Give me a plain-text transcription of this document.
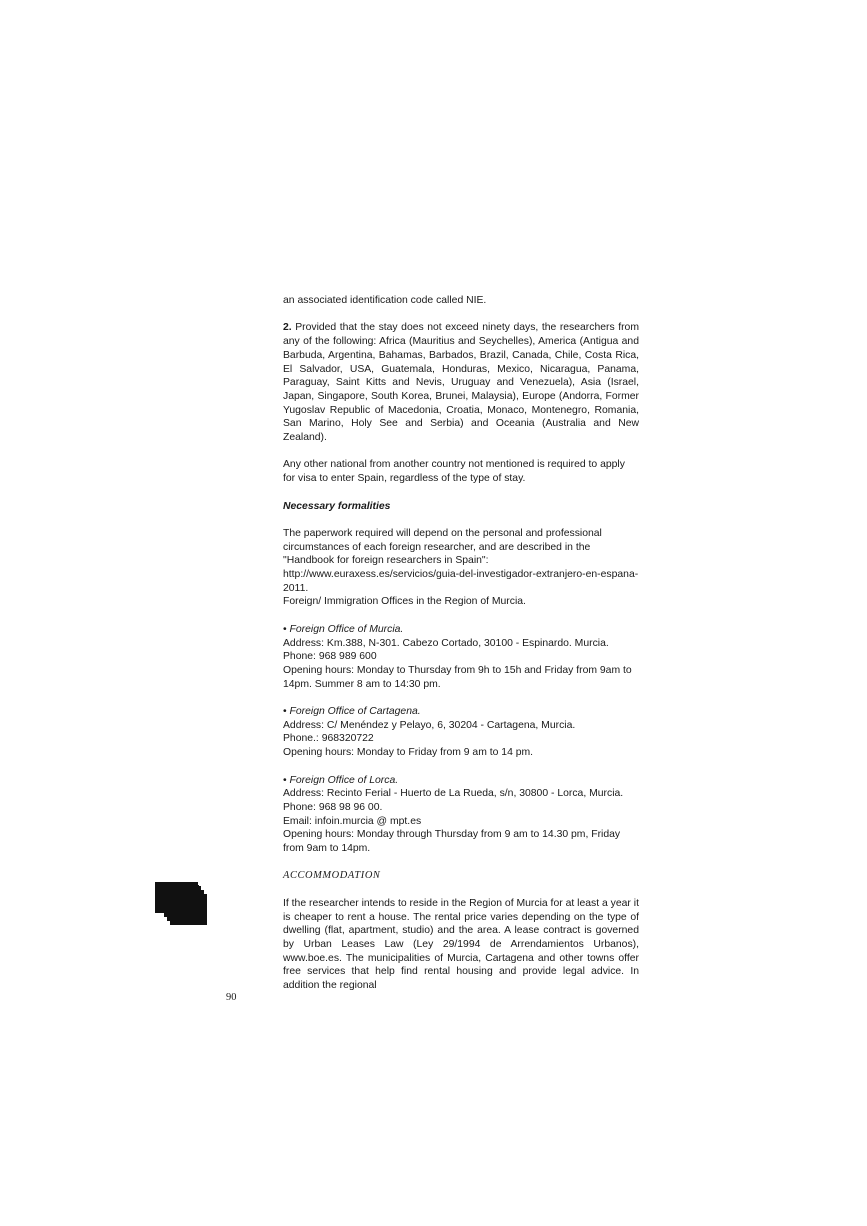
an associated identification code called NIE.

2. Provided that the stay does not exceed ninety days, the researchers from any of the following: Africa (Mauritius and Seychelles), America (Antigua and Barbuda, Argentina, Bahamas, Barbados, Brazil, Canada, Chile, Costa Rica, El Salvador, USA, Guatemala, Honduras, Mexico, Nicaragua, Panama, Paraguay, Saint Kitts and Nevis, Uruguay and Venezuela), Asia (Israel, Japan, Singapore, South Korea, Brunei, Malaysia), Europe (Andorra, Former Yugoslav Republic of Macedonia, Croatia, Monaco, Montenegro, Romania, San Marino, Holy See and Serbia) and Oceania (Australia and New Zealand).

Any other national from another country not mentioned is required to apply for visa to enter Spain, regardless of the type of stay.

Necessary formalities

The paperwork required will depend on the personal and professional circumstances of each foreign researcher, and are described in the "Handbook for foreign researchers in Spain": http://www.euraxess.es/servicios/guia-del-investigador-extranjero-en-espana-2011.

Foreign/ Immigration Offices in the Region of Murcia.

• Foreign Office of Murcia.

Address: Km.388, N-301. Cabezo Cortado, 30100 - Espinardo. Murcia.

Phone: 968 989 600

Opening hours: Monday to Thursday from 9h to 15h and Friday from 9am to 14pm. Summer 8 am to 14:30 pm.

• Foreign Office of Cartagena.

Address: C/ Menéndez y Pelayo, 6, 30204 - Cartagena, Murcia.

Phone.: 968320722

Opening hours: Monday to Friday from 9 am to 14 pm.

• Foreign Office of Lorca.

Address: Recinto Ferial - Huerto de La Rueda, s/n, 30800 - Lorca, Murcia.

Phone: 968 98 96 00.

Email: infoin.murcia @ mpt.es

Opening hours: Monday through Thursday from 9 am to 14.30 pm, Friday from 9am to 14pm.

ACCOMMODATION

If the researcher intends to reside in the Region of Murcia for at least a year it is cheaper to rent a house. The rental price varies depending on the type of dwelling (flat, apartment, studio) and the area. A lease contract is governed by Urban Leases Law (Ley 29/1994 de Arrendamientos Urbanos), www.boe.es. The municipalities of Murcia, Cartagena and other towns offer free services that help find rental housing and provide legal advice. In addition the regional

90
